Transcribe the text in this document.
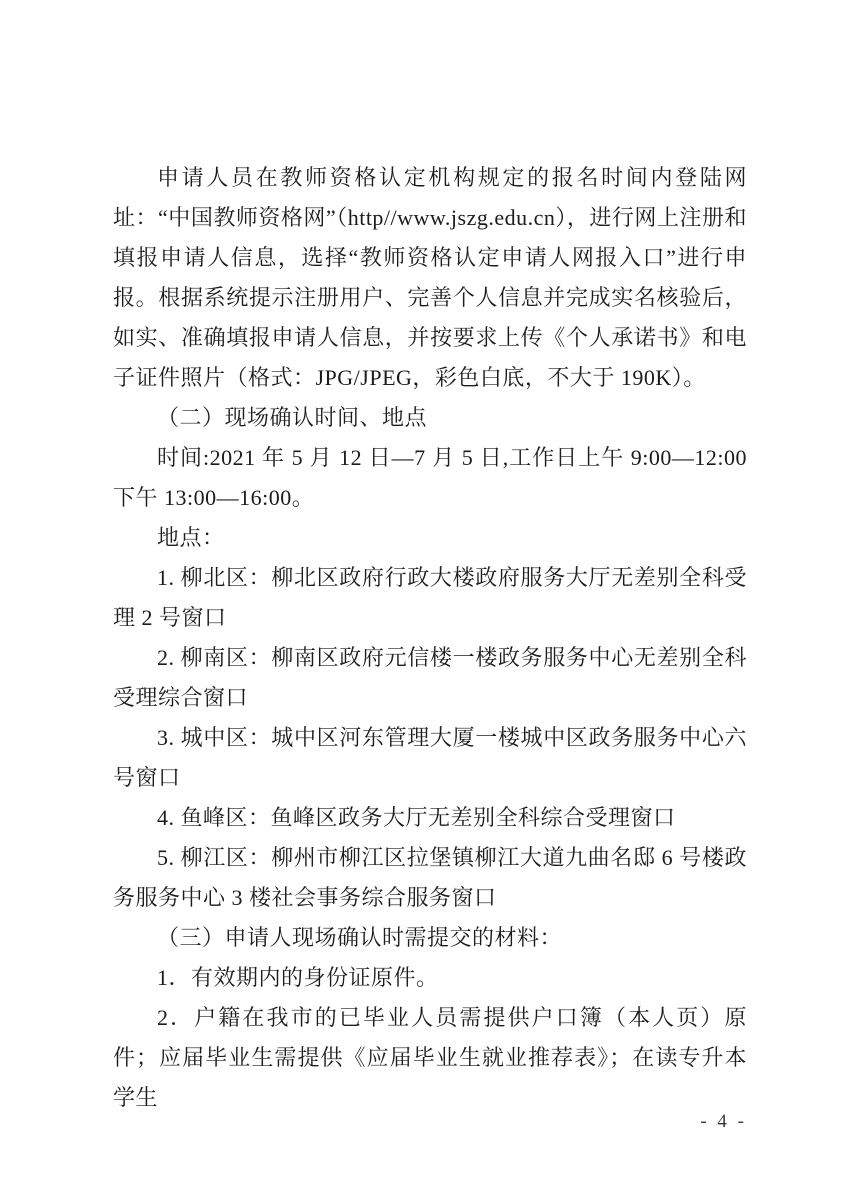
申请人员在教师资格认定机构规定的报名时间内登陆网址：“中国教师资格网”（http//www.jszg.edu.cn），进行网上注册和填报申请人信息，选择“教师资格认定申请人网报入口”进行申报。根据系统提示注册用户、完善个人信息并完成实名核验后，如实、准确填报申请人信息，并按要求上传《个人承诺书》和电子证件照片（格式：JPG/JPEG，彩色白底，不大于 190K）。

（二）现场确认时间、地点

时间:2021 年 5 月 12 日—7 月 5 日,工作日上午 9:00—12:00 下午 13:00—16:00。

地点：

1. 柳北区：柳北区政府行政大楼政府服务大厅无差别全科受理 2 号窗口

2. 柳南区：柳南区政府元信楼一楼政务服务中心无差别全科受理综合窗口

3. 城中区：城中区河东管理大厦一楼城中区政务服务中心六号窗口

4. 鱼峰区：鱼峰区政务大厅无差别全科综合受理窗口

5. 柳江区：柳州市柳江区拉堡镇柳江大道九曲名邸 6 号楼政务服务中心 3 楼社会事务综合服务窗口

（三）申请人现场确认时需提交的材料：

1．有效期内的身份证原件。

2．户籍在我市的已毕业人员需提供户口簿（本人页）原件；应届毕业生需提供《应届毕业生就业推荐表》；在读专升本学生

- 4 -
